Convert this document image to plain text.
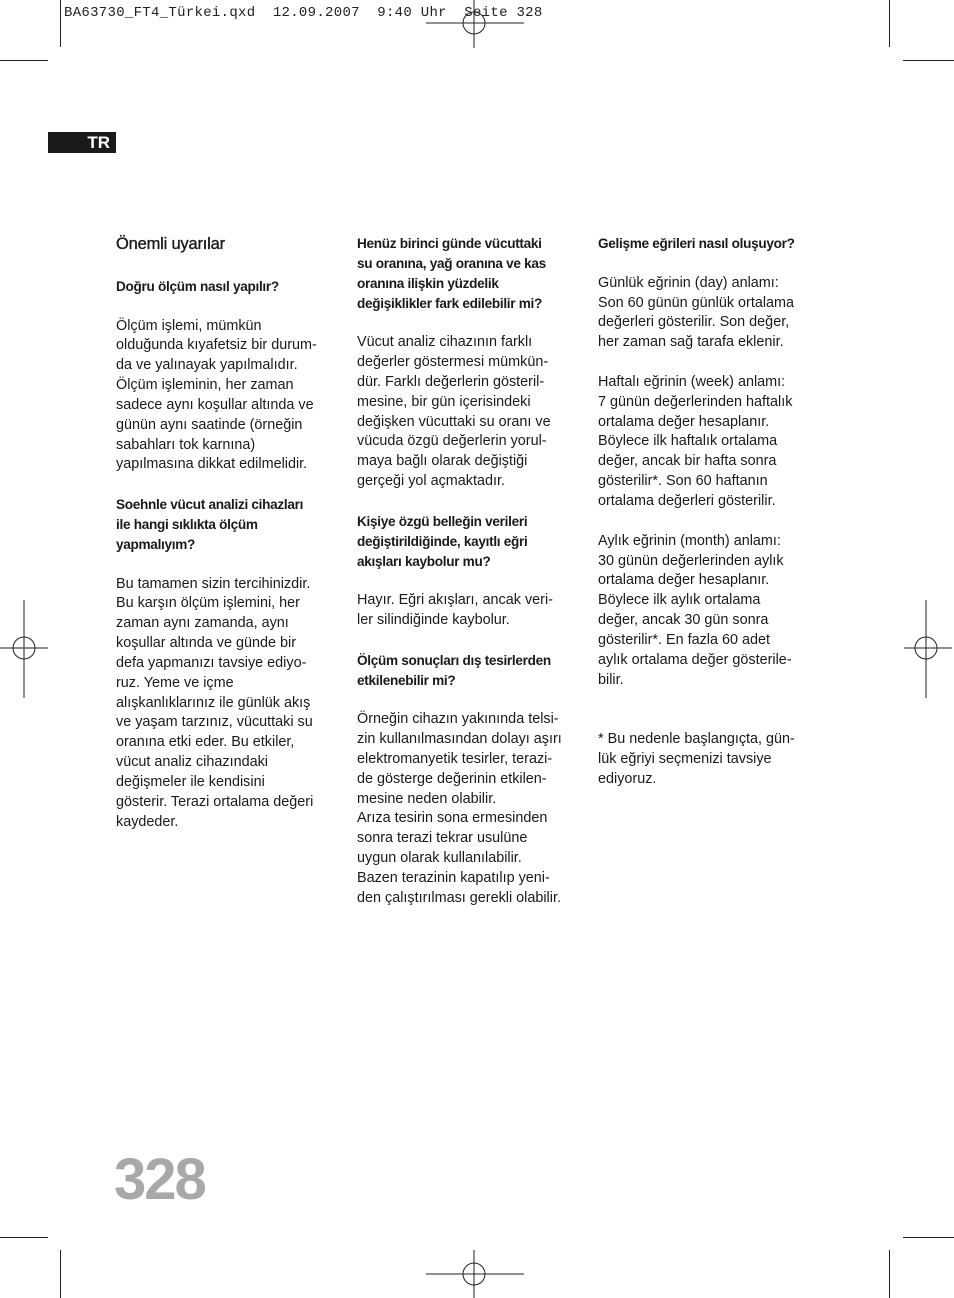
BA63730_FT4_Türkei.qxd  12.09.2007  9:40 Uhr  Seite 328
TR
Önemli uyarılar
Doğru ölçüm nasıl yapılır?

Ölçüm işlemi, mümkün
olduğunda kıyafetsiz bir durum-
da ve yalınayak yapılmalıdır.
Ölçüm işleminin, her zaman
sadece aynı koşullar altında ve
günün aynı saatinde (örneğin
sabahları tok karnına)
yapılmasına dikkat edilmelidir.

Soehnle vücut analizi cihazları
ile hangi sıklıkta ölçüm
yapmalıyım?

Bu tamamen sizin tercihinizdir.
Bu karşın ölçüm işlemini, her
zaman aynı zamanda, aynı
koşullar altında ve günde bir
defa yapmanızı tavsiye ediyo-
ruz. Yeme ve içme
alışkanlıklarınız ile günlük akış
ve yaşam tarzınız, vücuttaki su
oranına etki eder. Bu etkiler,
vücut analiz cihazındaki
değişmeler ile kendisini
gösterir. Terazi ortalama değeri
kaydeder.

Henüz birinci günde vücuttaki
su oranına, yağ oranına ve kas
oranına ilişkin yüzdelik
değişiklikler fark edilebilir mi?

Vücut analiz cihazının farklı
değerler göstermesi mümkün-
dür. Farklı değerlerin gösteril-
mesine, bir gün içerisindeki
değişken vücuttaki su oranı ve
vücuda özgü değerlerin yorul-
maya bağlı olarak değiştiği
gerçeği yol açmaktadır.

Kişiye özgü belleğin verileri
değiştirildiğinde, kayıtlı eğri
akışları kaybolur mu?

Hayır. Eğri akışları, ancak veri-
ler silindiğinde kaybolur.

Ölçüm sonuçları dış tesirlerden
etkilenebilir mi?

Örneğin cihazın yakınında telsi-
zin kullanılmasından dolayı aşırı
elektromanyetik tesirler, terazi-
de gösterge değerinin etkilen-
mesine neden olabilir.
Arıza tesirin sona ermesinden
sonra terazi tekrar usulüne
uygun olarak kullanılabilir.
Bazen terazinin kapatılıp yeni-
den çalıştırılması gerekli olabilir.

Gelişme eğrileri nasıl oluşuyor?

Günlük eğrinin (day) anlamı:
Son 60 günün günlük ortalama
değerleri gösterilir. Son değer,
her zaman sağ tarafa eklenir.

Haftalı eğrinin (week) anlamı:
7 günün değerlerinden haftalık
ortalama değer hesaplanır.
Böylece ilk haftalık ortalama
değer, ancak bir hafta sonra
gösterilir*. Son 60 haftanın
ortalama değerleri gösterilir.

Aylık eğrinin (month) anlamı:
30 günün değerlerinden aylık
ortalama değer hesaplanır.
Böylece ilk aylık ortalama
değer, ancak 30 gün sonra
gösterilir*. En fazla 60 adet
aylık ortalama değer gösterile-
bilir.

* Bu nedenle başlangıçta, gün-
lük eğriyi seçmenizi tavsiye
ediyoruz.

328
